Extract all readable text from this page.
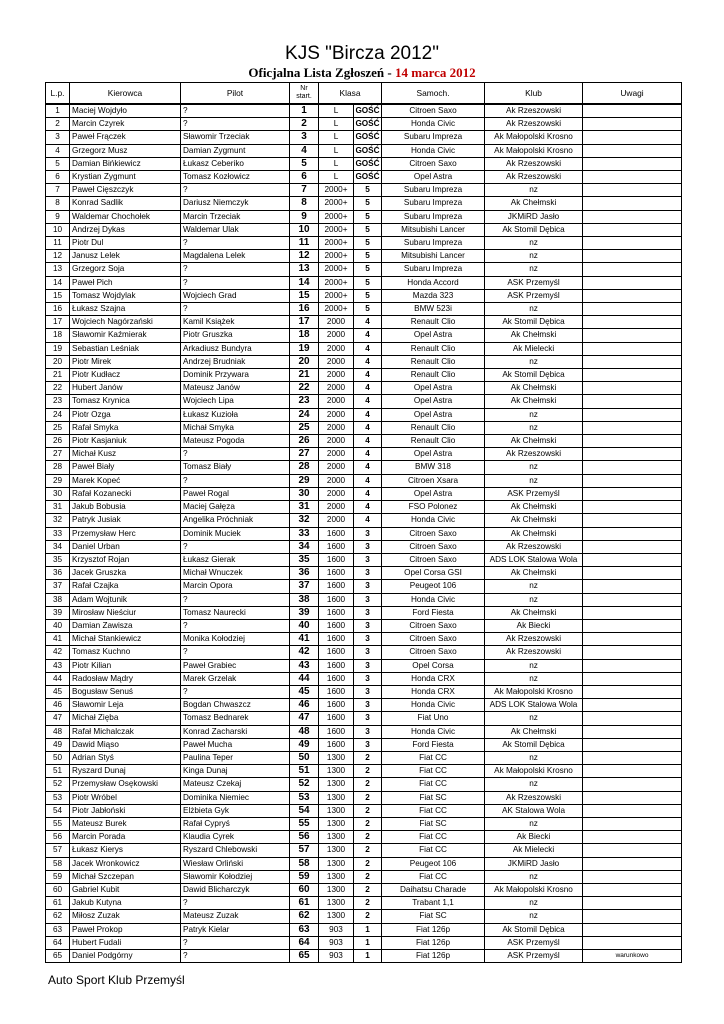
KJS "Bircza 2012"
Oficjalna Lista Zgłoszeń - 14 marca 2012
L.p.	Kierowca	Pilot	Nr
start.	Klasa		Samoch.	Klub	Uwagi
1	Maciej Wojdyło	?	1	L	GOŚĆ	Citroen Saxo	Ak Rzeszowski	
2	Marcin Czyrek	?	2	L	GOŚĆ	Honda Civic	Ak Rzeszowski	
3	Paweł Frączek	Sławomir Trzeciak	3	L	GOŚĆ	Subaru Impreza	Ak Małopolski Krosno	
4	Grzegorz Musz	Damian Zygmunt	4	L	GOŚĆ	Honda Civic	Ak Małopolski Krosno	
5	Damian Bińkiewicz	Łukasz Ceberiko	5	L	GOŚĆ	Citroen Saxo	Ak Rzeszowski	
6	Krystian Zygmunt	Tomasz Kozłowicz	6	L	GOŚĆ	Opel Astra	Ak Rzeszowski	
7	Paweł Cięszczyk	?	7	2000+	5	Subaru Impreza	nz	
8	Konrad Sadlik	Dariusz Niemczyk	8	2000+	5	Subaru Impreza	Ak Chełmski	
9	Waldemar Chochołek	Marcin Trzeciak	9	2000+	5	Subaru Impreza	JKMiRD Jasło	
10	Andrzej Dykas	Waldemar Ulak	10	2000+	5	Mitsubishi Lancer	Ak Stomil Dębica	
11	Piotr Dul	?	11	2000+	5	Subaru Impreza	nz	
12	Janusz Lelek	Magdalena Lelek	12	2000+	5	Mitsubishi Lancer	nz	
13	Grzegorz Soja	?	13	2000+	5	Subaru Impreza	nz	
14	Paweł Pich	?	14	2000+	5	Honda Accord	ASK Przemyśl	
15	Tomasz Wojdylak	Wojciech Grad	15	2000+	5	Mazda 323	ASK Przemyśl	
16	Łukasz Szajna	?	16	2000+	5	BMW 523i	nz	
17	Wojciech Nagórzański	Kamil Książek	17	2000	4	Renault Clio	Ak Stomil Dębica	
18	Sławomir Kaźmierak	Piotr Gruszka	18	2000	4	Opel Astra	Ak Chełmski	
19	Sebastian Leśniak	Arkadiusz Bundyra	19	2000	4	Renault Clio	Ak Mielecki	
20	Piotr Mirek	Andrzej Brudniak	20	2000	4	Renault Clio	nz	
21	Piotr Kudłacz	Dominik Przywara	21	2000	4	Renault Clio	Ak Stomil Dębica	
22	Hubert Janów	Mateusz Janów	22	2000	4	Opel Astra	Ak Chełmski	
23	Tomasz Krynica	Wojciech Lipa	23	2000	4	Opel Astra	Ak Chełmski	
24	Piotr Ozga	Łukasz Kuzioła	24	2000	4	Opel Astra	nz	
25	Rafał Smyka	Michał Smyka	25	2000	4	Renault Clio	nz	
26	Piotr Kasjaniuk	Mateusz Pogoda	26	2000	4	Renault Clio	Ak Chełmski	
27	Michał Kusz	?	27	2000	4	Opel Astra	Ak Rzeszowski	
28	Paweł Biały	Tomasz Biały	28	2000	4	BMW 318	nz	
29	Marek Kopeć	?	29	2000	4	Citroen Xsara	nz	
30	Rafał Kozanecki	Paweł Rogal	30	2000	4	Opel Astra	ASK Przemyśl	
31	Jakub Bobusia	Maciej Gałęza	31	2000	4	FSO Polonez	Ak Chełmski	
32	Patryk Jusiak	Angelika Próchniak	32	2000	4	Honda Civic	Ak Chełmski	
33	Przemysław Herc	Dominik Muciek	33	1600	3	Citroen Saxo	Ak Chełmski	
34	Daniel Urban	?	34	1600	3	Citroen Saxo	Ak Rzeszowski	
35	Krzysztof Rojan	Łukasz Gierak	35	1600	3	Citroen Saxo	ADS LOK Stalowa Wola	
36	Jacek Gruszka	Michał Wnuczek	36	1600	3	Opel Corsa GSI	Ak Chełmski	
37	Rafał Czajka	Marcin Opora	37	1600	3	Peugeot 106	nz	
38	Adam Wojtunik	?	38	1600	3	Honda Civic	nz	
39	Mirosław Nieściur	Tomasz Naurecki	39	1600	3	Ford Fiesta	Ak Chełmski	
40	Damian Zawisza	?	40	1600	3	Citroen Saxo	Ak Biecki	
41	Michał Stankiewicz	Monika Kołodziej	41	1600	3	Citroen Saxo	Ak Rzeszowski	
42	Tomasz Kuchno	?	42	1600	3	Citroen Saxo	Ak Rzeszowski	
43	Piotr Kilian	Paweł Grabiec	43	1600	3	Opel Corsa	nz	
44	Radosław Mądry	Marek Grzelak	44	1600	3	Honda CRX	nz	
45	Bogusław Senuś	?	45	1600	3	Honda CRX	Ak Małopolski Krosno	
46	Sławomir Leja	Bogdan Chwaszcz	46	1600	3	Honda Civic	ADS LOK Stalowa Wola	
47	Michał Zięba	Tomasz Bednarek	47	1600	3	Fiat Uno	nz	
48	Rafał Michalczak	Konrad Zacharski	48	1600	3	Honda Civic	Ak Chełmski	
49	Dawid Miąso	Paweł Mucha	49	1600	3	Ford Fiesta	Ak Stomil Dębica	
50	Adrian Styś	Paulina Teper	50	1300	2	Fiat CC	nz	
51	Ryszard Dunaj	Kinga Dunaj	51	1300	2	Fiat CC	Ak Małopolski Krosno	
52	Przemysław Osękowski	Mateusz Czekaj	52	1300	2	Fiat CC	nz	
53	Piotr Wróbel	Dominika Niemiec	53	1300	2	Fiat SC	Ak Rzeszowski	
54	Piotr Jabłoński	Elżbieta Gyk	54	1300	2	Fiat CC	AK Stalowa Wola	
55	Mateusz Burek	Rafał Cypryś	55	1300	2	Fiat SC	nz	
56	Marcin Porada	Klaudia Cyrek	56	1300	2	Fiat CC	Ak Biecki	
57	Łukasz Kierys	Ryszard Chlebowski	57	1300	2	Fiat CC	Ak Mielecki	
58	Jacek Wronkowicz	Wiesław Orliński	58	1300	2	Peugeot 106	JKMiRD Jasło	
59	Michał Szczepan	Sławomir Kołodziej	59	1300	2	Fiat CC	nz	
60	Gabriel Kubit	Dawid Blicharczyk	60	1300	2	Daihatsu Charade	Ak Małopolski Krosno	
61	Jakub Kutyna	?	61	1300	2	Trabant 1,1	nz	
62	Miłosz Zuzak	Mateusz Zuzak	62	1300	2	Fiat SC	nz	
63	Paweł Prokop	Patryk Kielar	63	903	1	Fiat 126p	Ak Stomil Dębica	
64	Hubert Fudali	?	64	903	1	Fiat 126p	ASK Przemyśl	
65	Daniel Podgórny	?	65	903	1	Fiat 126p	ASK Przemyśl	warunkowo
Auto Sport Klub Przemyśl
